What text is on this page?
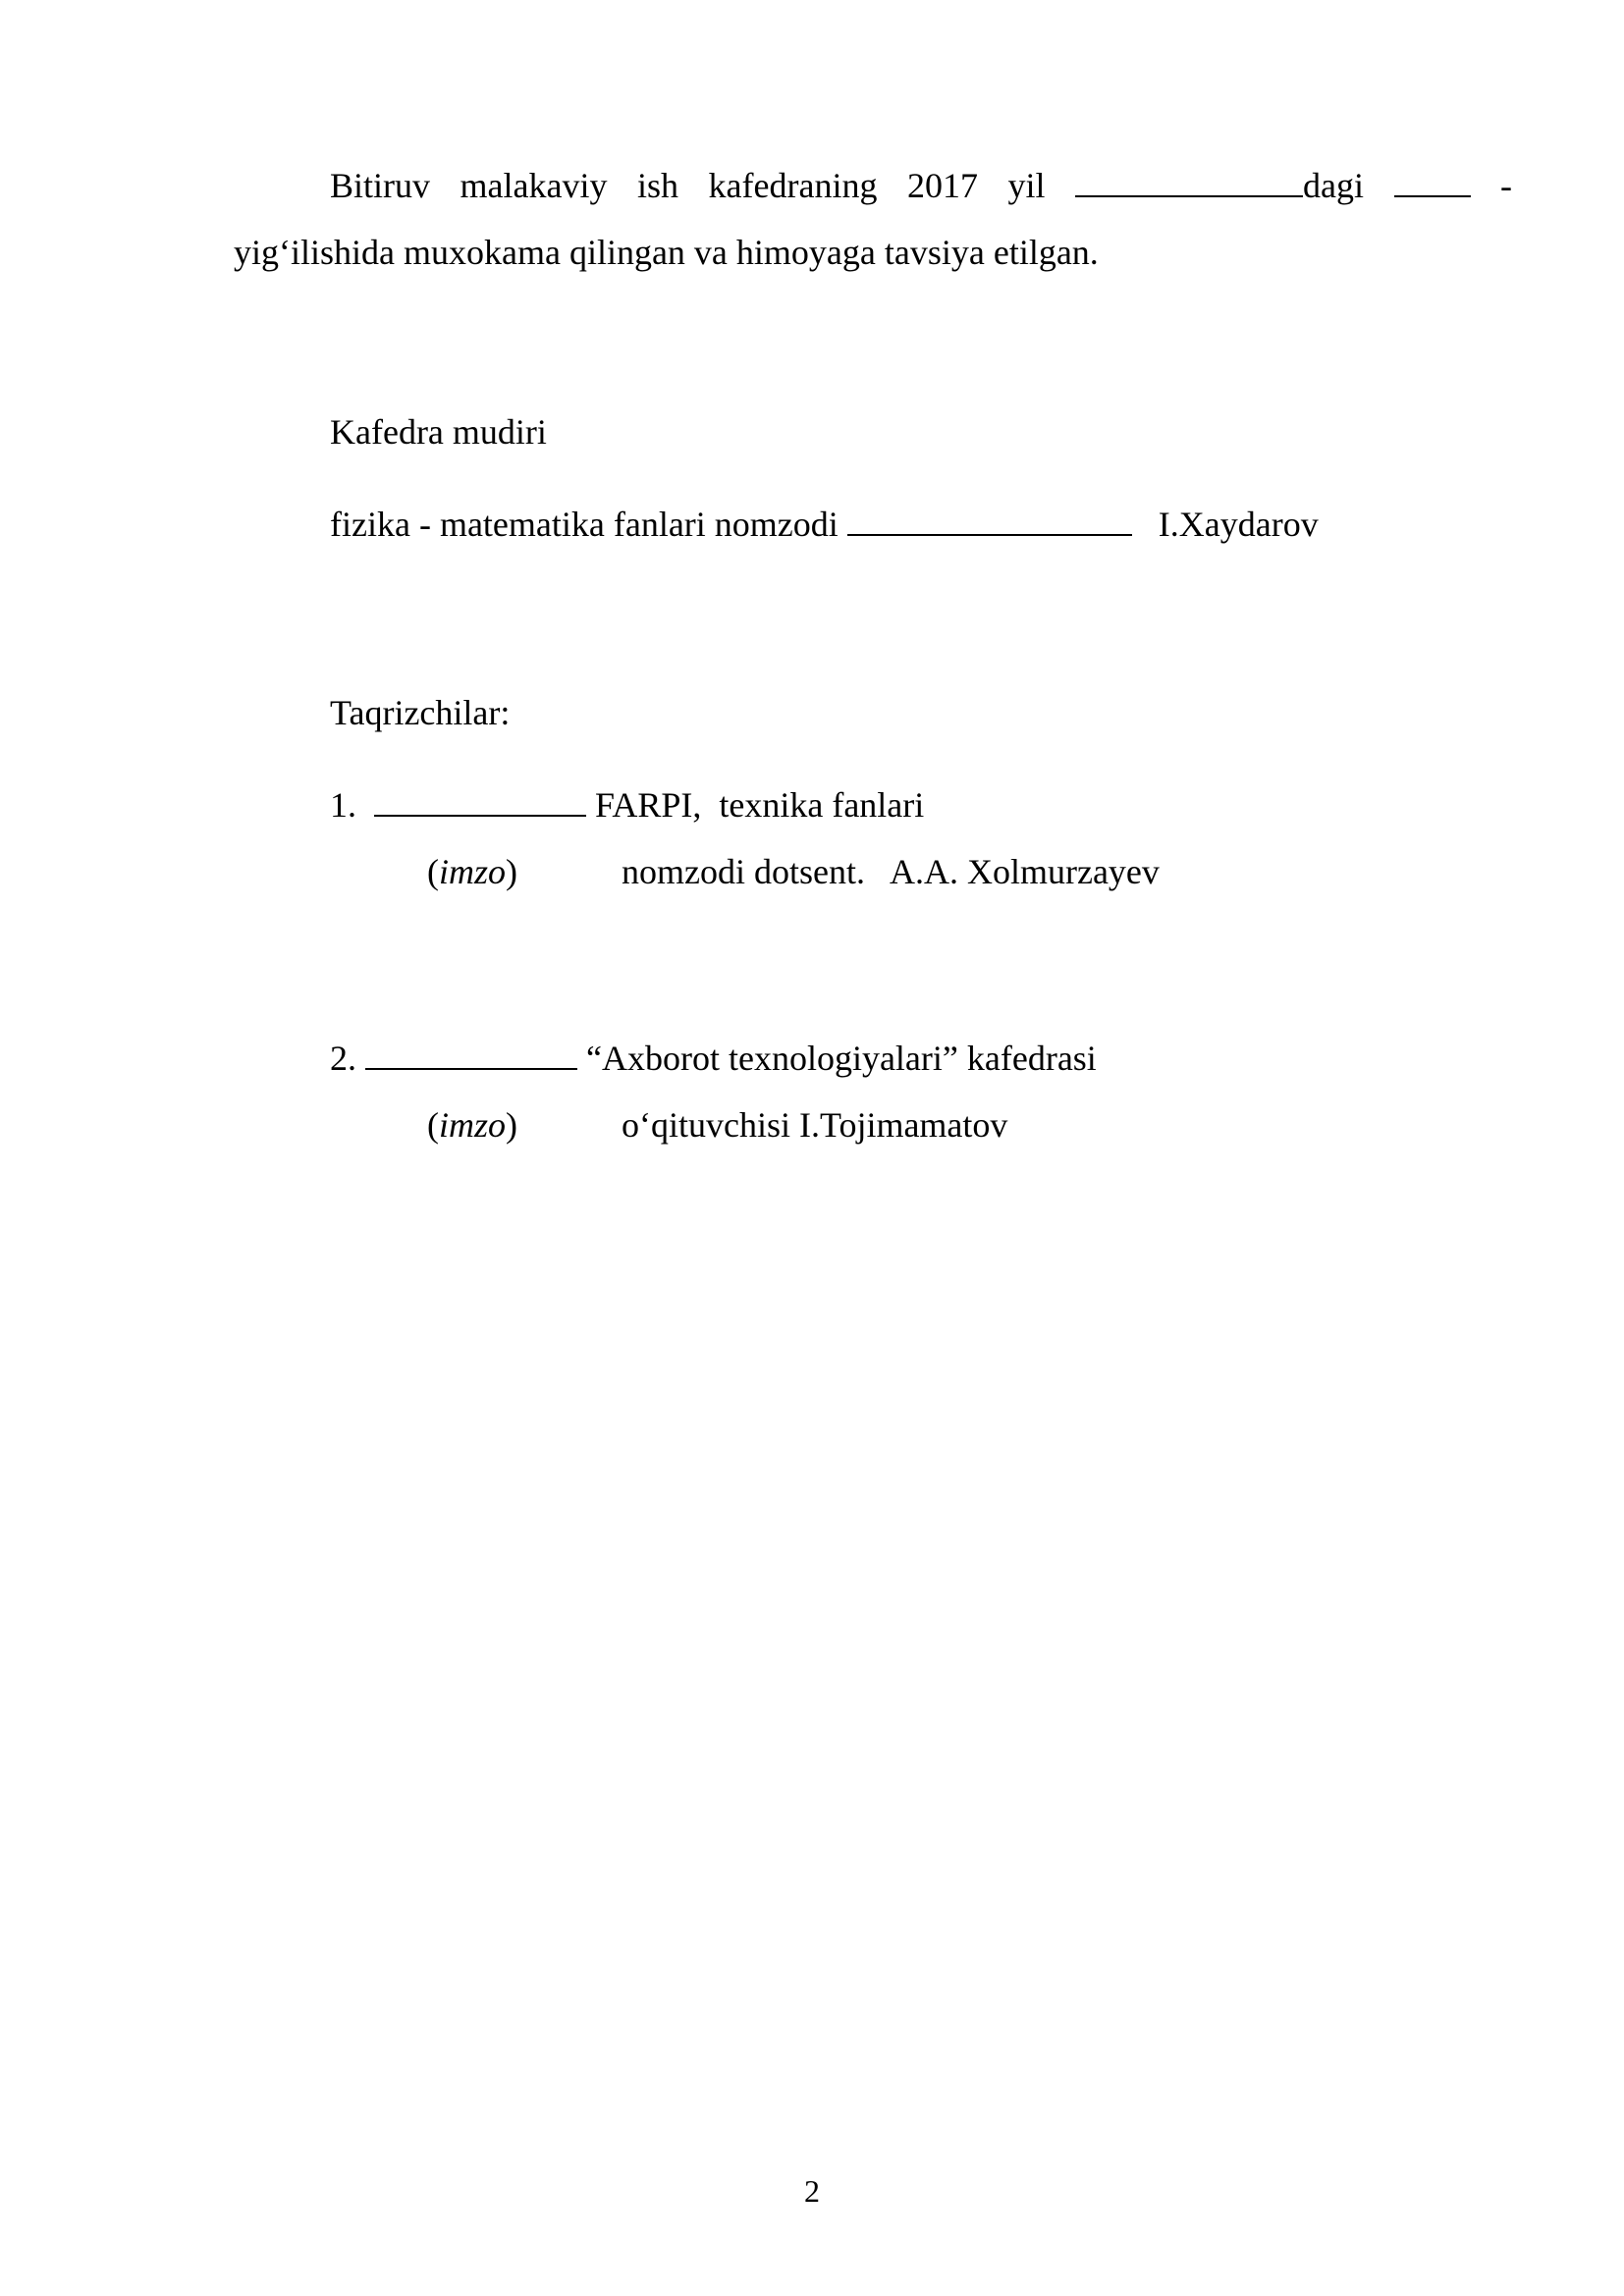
Bitiruv malakaviy ish kafedraning 2017 yil	dagi	-
yig‘ilishida muxokama qilingan va himoyaga tavsiya etilgan.
Kafedra mudiri
fizika - matematika fanlari nomzodi	I.Xaydarov
Taqrizchilar:
1.	FARPI,  texnika fanlari
(imzo)	nomzodi dotsent.   A.A. Xolmurzayev
2.	“Axborot texnologiyalari” kafedrasi
(imzo)	o‘qituvchisi I.Tojimamatov
2
